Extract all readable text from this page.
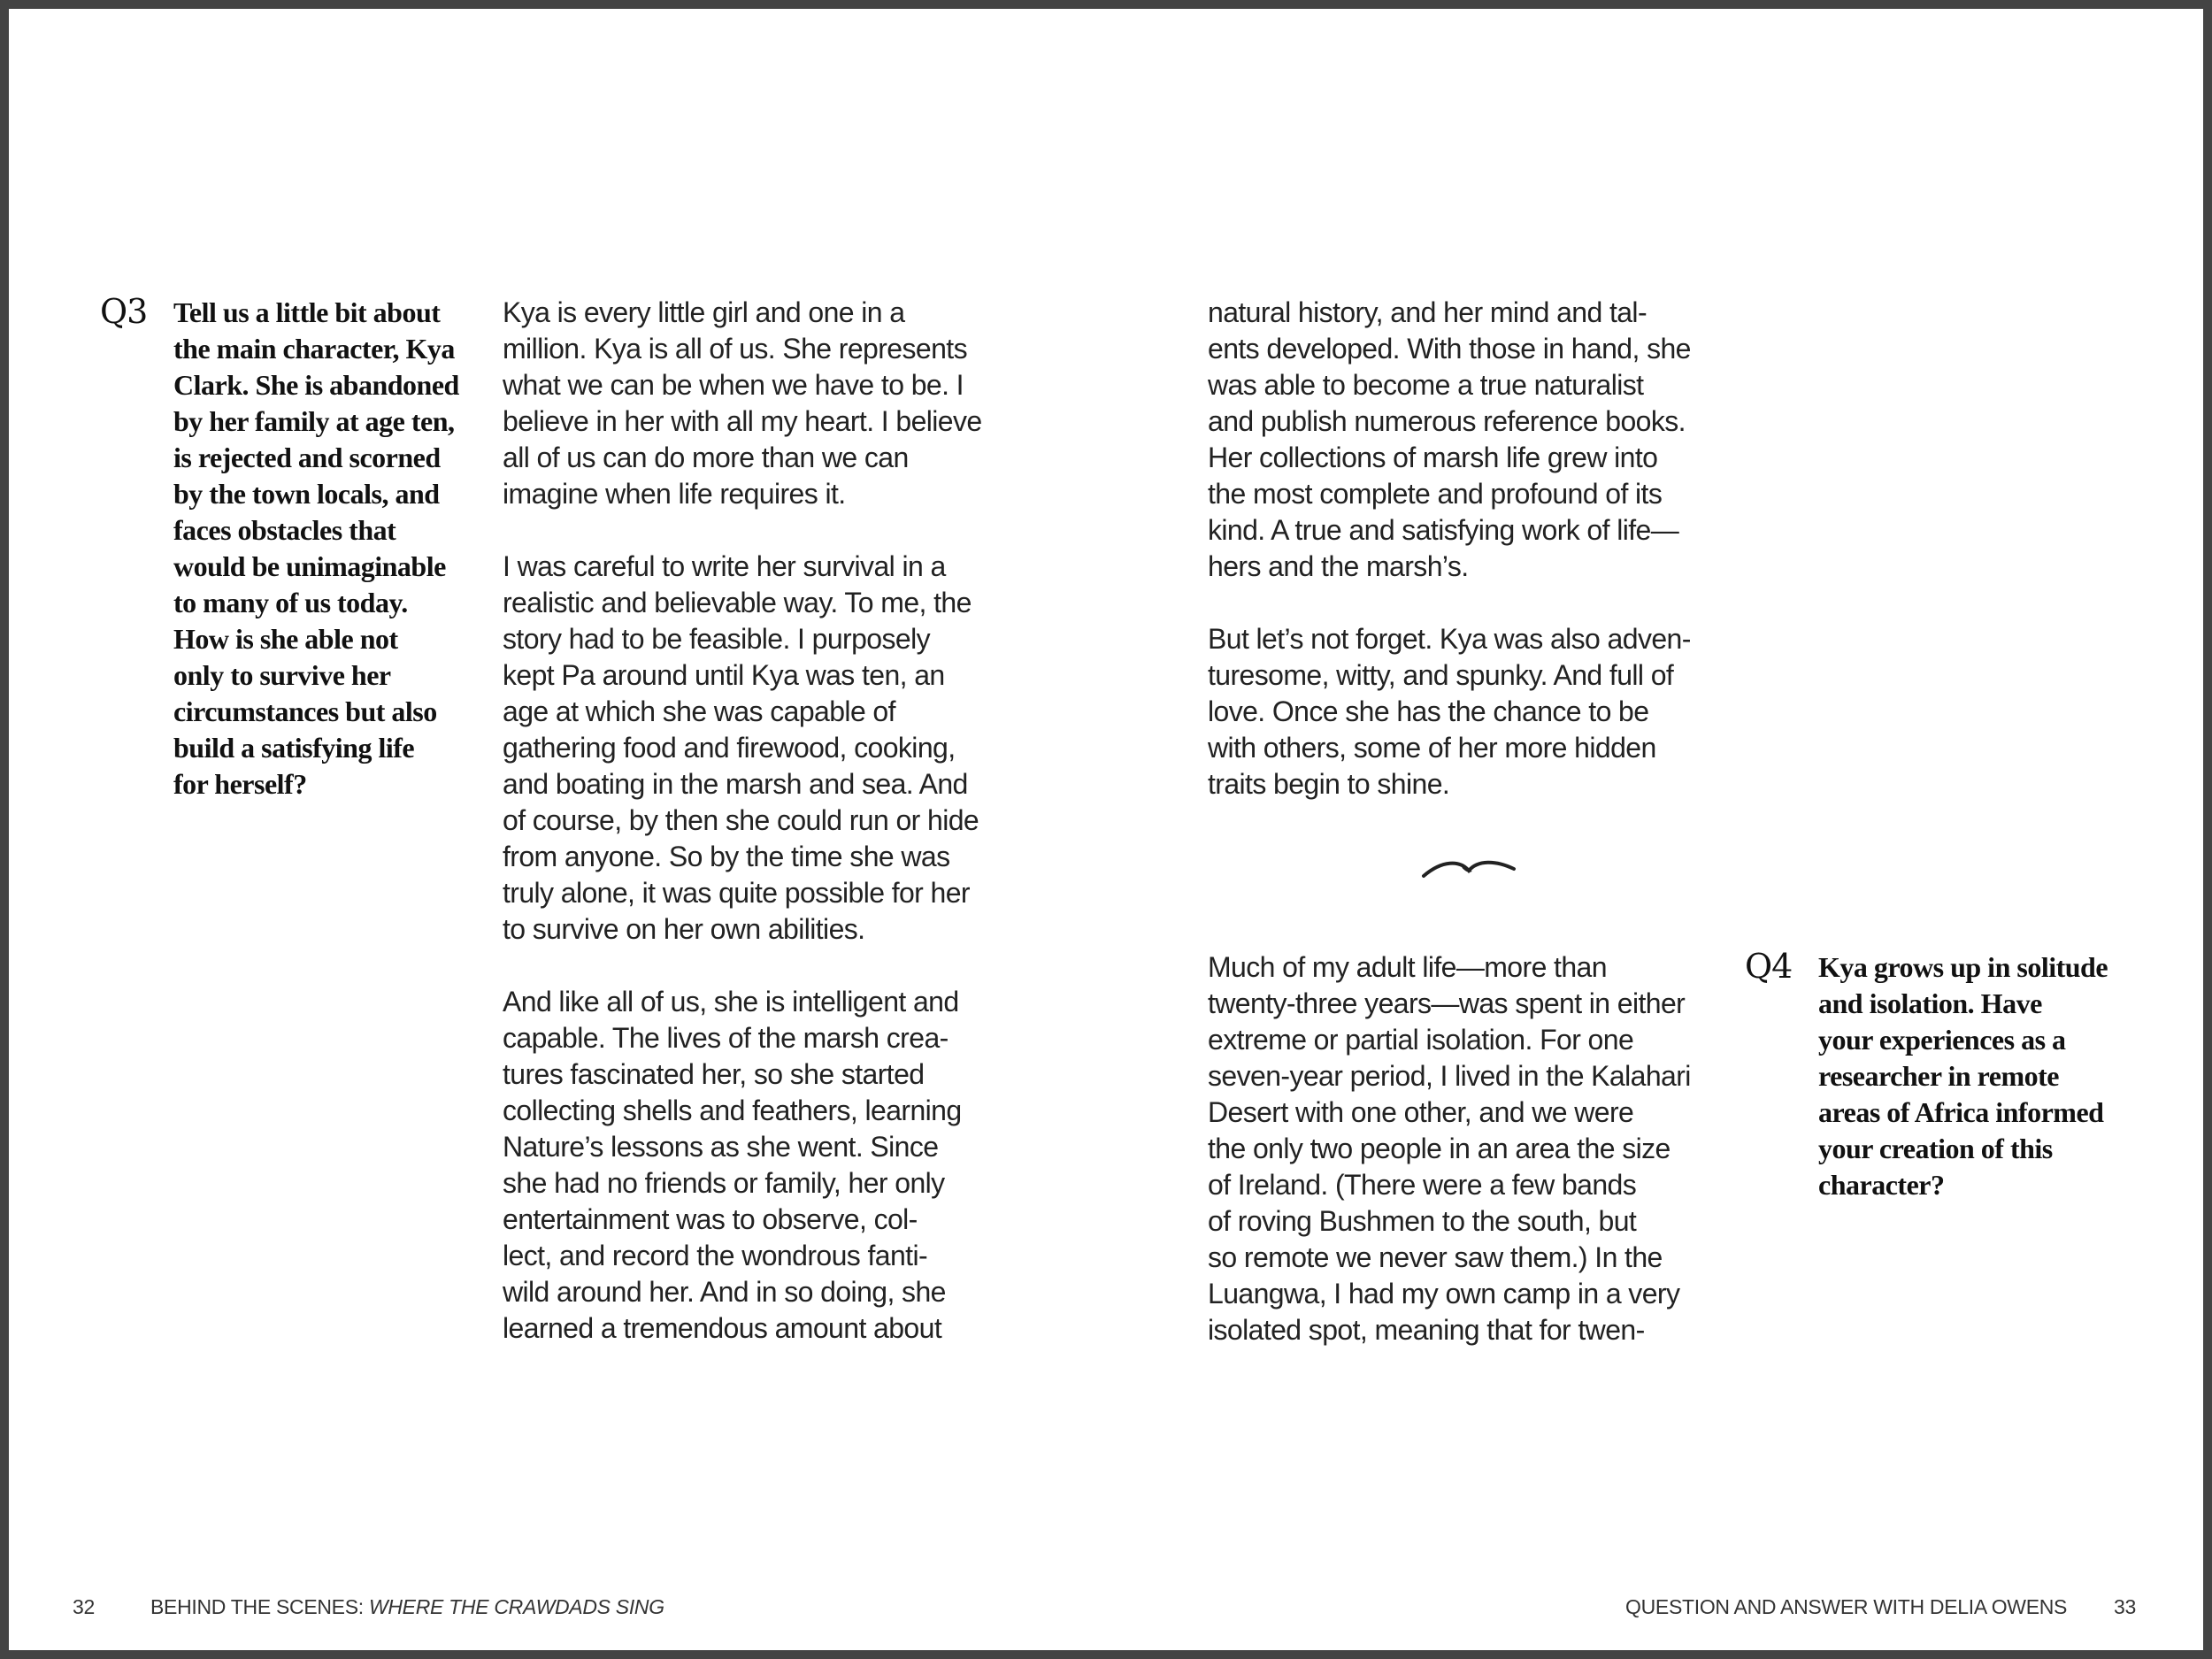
Q3 Tell us a little bit about
the main character, Kya
Clark. She is abandoned
by her family at age ten,
is rejected and scorned
by the town locals, and
faces obstacles that
would be unimaginable
to many of us today.
How is she able not
only to survive her
circumstances but also
build a satisfying life
for herself?
Kya is every little girl and one in a
million. Kya is all of us. She represents
what we can be when we have to be. I
believe in her with all my heart. I believe
all of us can do more than we can
imagine when life requires it.
I was careful to write her survival in a
realistic and believable way. To me, the
story had to be feasible. I purposely
kept Pa around until Kya was ten, an
age at which she was capable of
gathering food and firewood, cooking,
and boating in the marsh and sea. And
of course, by then she could run or hide
from anyone. So by the time she was
truly alone, it was quite possible for her
to survive on her own abilities.
And like all of us, she is intelligent and
capable. The lives of the marsh crea-
tures fascinated her, so she started
collecting shells and feathers, learning
Nature’s lessons as she went. Since
she had no friends or family, her only
entertainment was to observe, col-
lect, and record the wondrous fanti-
wild around her. And in so doing, she
learned a tremendous amount about
natural history, and her mind and tal-
ents developed. With those in hand, she
was able to become a true naturalist
and publish numerous reference books.
Her collections of marsh life grew into
the most complete and profound of its
kind. A true and satisfying work of life—
hers and the marsh’s.
But let’s not forget. Kya was also adven-
turesome, witty, and spunky. And full of
love. Once she has the chance to be
with others, some of her more hidden
traits begin to shine.
Much of my adult life—more than
twenty-three years—was spent in either
extreme or partial isolation. For one
seven-year period, I lived in the Kalahari
Desert with one other, and we were
the only two people in an area the size
of Ireland. (There were a few bands
of roving Bushmen to the south, but
so remote we never saw them.) In the
Luangwa, I had my own camp in a very
isolated spot, meaning that for twen-
Q4 Kya grows up in solitude
and isolation. Have
your experiences as a
researcher in remote
areas of Africa informed
your creation of this
character?
32	BEHIND THE SCENES: WHERE THE CRAWDADS SING	QUESTION AND ANSWER WITH DELIA OWENS 33
